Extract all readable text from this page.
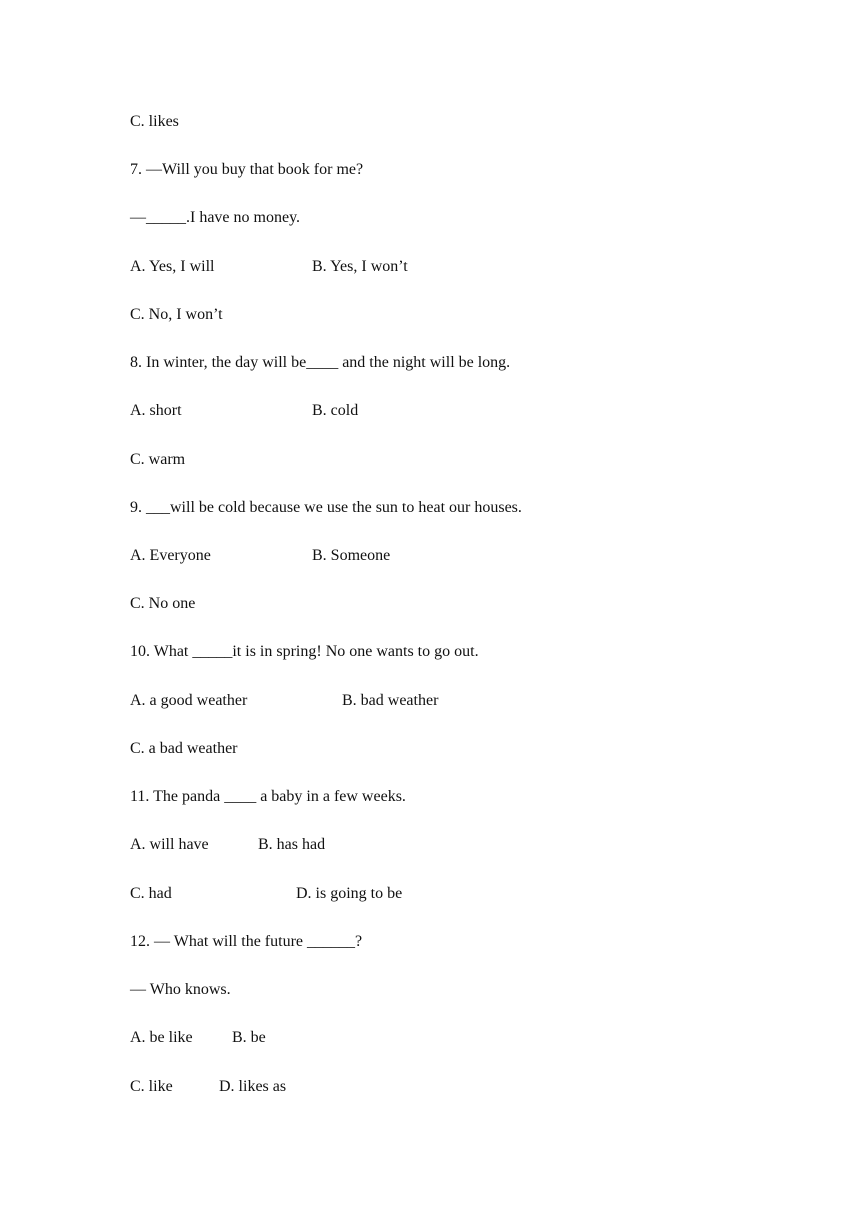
C. likes
7. —Will you buy that book for me?
—_____.I have no money.

A. Yes, I will

	B. Yes, I won’t

C. No, I won’t
8. In winter, the day will be____ and the night will be long.

A. short

	B. cold

C. warm
9. ___will be cold because we use the sun to heat our houses.

A. Everyone

	B. Someone

C. No one
10. What _____it is in spring! No one wants to go out.

A. a good weather

	B. bad weather

C. a bad weather
11. The panda ____ a baby in a few weeks.

A. will have

	B. has had

C. had

	D. is going to be

12. — What will the future ______?
— Who knows.

A. be like

B. be

C. like

	D. likes as
